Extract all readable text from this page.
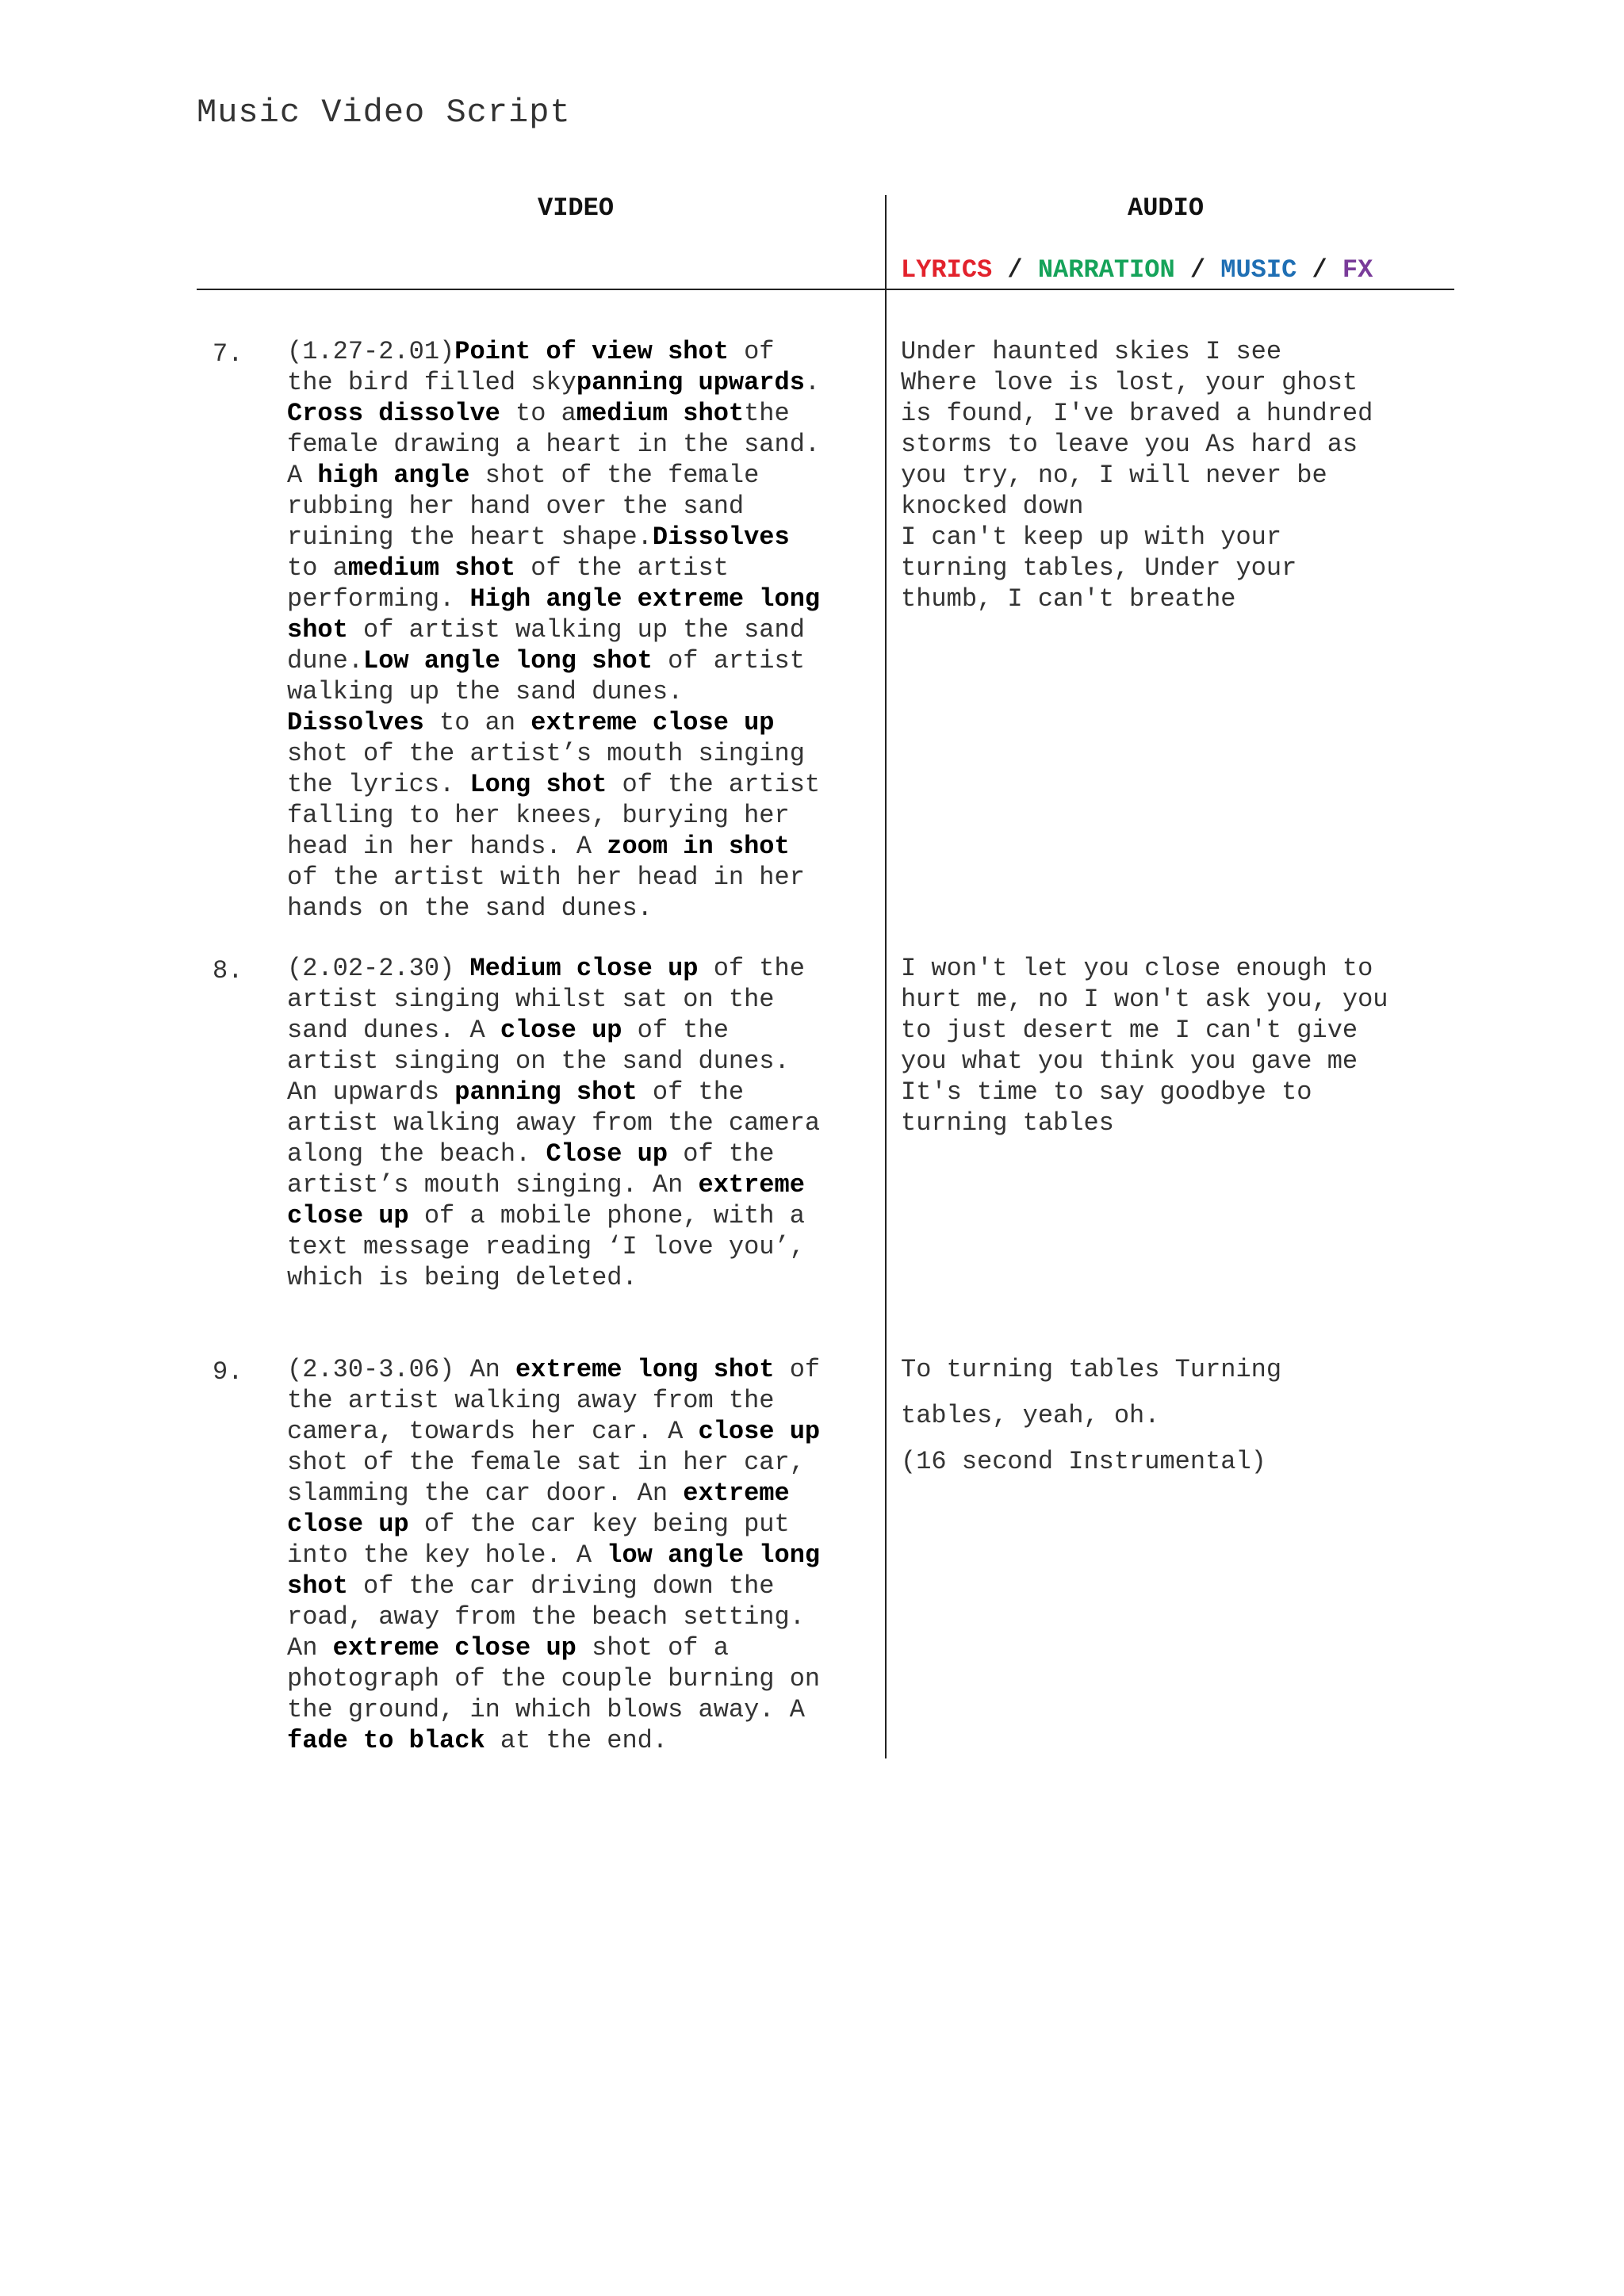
Music Video Script
VIDEO	AUDIO
LYRICS / NARRATION / MUSIC / FX
7. (1.27-2.01)Point of view shot of
the bird filled skypanning upwards.
Cross dissolve to amedium shotthe
female drawing a heart in the sand.
A high angle shot of the female
rubbing her hand over the sand
ruining the heart shape.Dissolves
to amedium shot of the artist
performing. High angle extreme long
shot of artist walking up the sand
dune.Low angle long shot of artist
walking up the sand dunes.
Dissolves to an extreme close up
shot of the artist’s mouth singing
the lyrics. Long shot of the artist
falling to her knees, burying her
head in her hands. A zoom in shot
of the artist with her head in her
hands on the sand dunes.
Under haunted skies I see
Where love is lost, your ghost
is found, I've braved a hundred
storms to leave you As hard as
you try, no, I will never be
knocked down
I can't keep up with your
turning tables, Under your
thumb, I can't breathe
8. (2.02-2.30) Medium close up of the
artist singing whilst sat on the
sand dunes. A close up of the
artist singing on the sand dunes.
An upwards panning shot of the
artist walking away from the camera
along the beach. Close up of the
artist’s mouth singing. An extreme
close up of a mobile phone, with a
text message reading ‘I love you’,
which is being deleted.
I won't let you close enough to
hurt me, no I won't ask you, you
to just desert me I can't give
you what you think you gave me
It's time to say goodbye to
turning tables
9. (2.30-3.06) An extreme long shot of
the artist walking away from the
camera, towards her car. A close up
shot of the female sat in her car,
slamming the car door. An extreme
close up of the car key being put
into the key hole. A low angle long
shot of the car driving down the
road, away from the beach setting.
An extreme close up shot of a
photograph of the couple burning on
the ground, in which blows away. A
fade to black at the end.
To turning tables Turning
tables, yeah, oh.
(16 second Instrumental)
